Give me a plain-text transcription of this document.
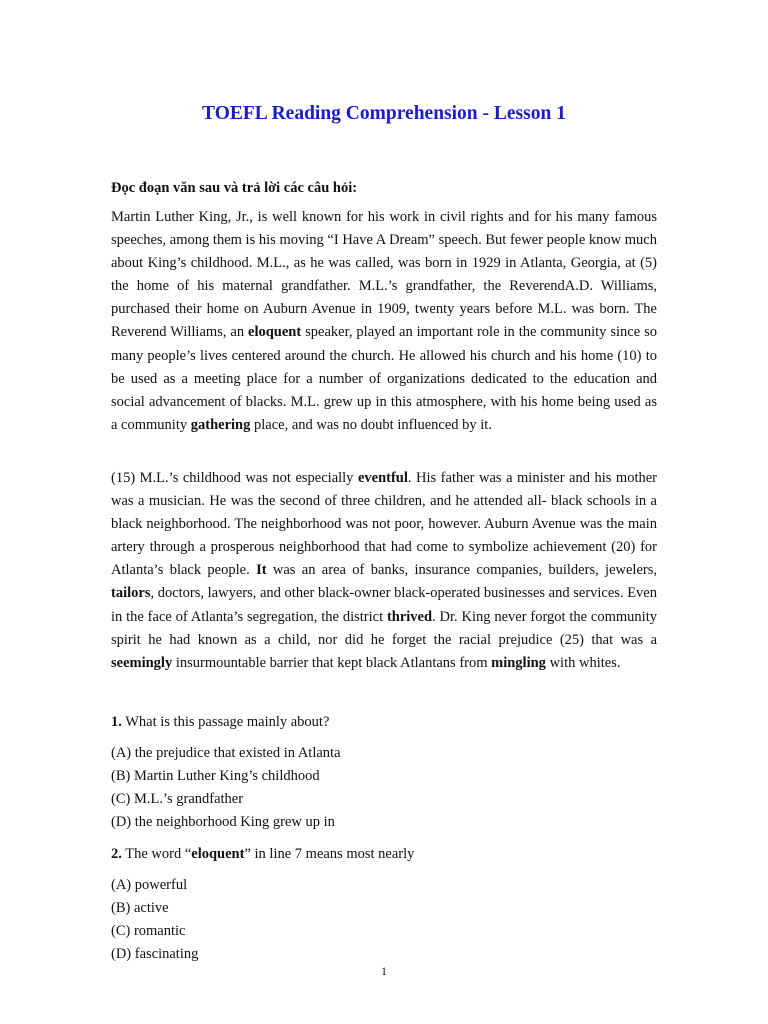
TOEFL Reading Comprehension - Lesson 1

Đọc đoạn văn sau và trả lời các câu hỏi:

Martin Luther King, Jr., is well known for his work in civil rights and for his many famous speeches, among them is his moving “I Have A Dream” speech. But fewer people know much about King’s childhood. M.L., as he was called, was born in 1929 in Atlanta, Georgia, at (5) the home of his maternal grandfather. M.L.’s grandfather, the ReverendA.D. Williams, purchased their home on Auburn Avenue in 1909, twenty years before M.L. was born. The Reverend Williams, an eloquent speaker, played an important role in the community since so many people’s lives centered around the church. He allowed his church and his home (10) to be used as a meeting place for a number of organizations dedicated to the education and social advancement of blacks. M.L. grew up in this atmosphere, with his home being used as a community gathering place, and was no doubt influenced by it.

(15) M.L.’s childhood was not especially eventful. His father was a minister and his mother was a musician. He was the second of three children, and he attended all- black schools in a black neighborhood. The neighborhood was not poor, however. Auburn Avenue was the main artery through a prosperous neighborhood that had come to symbolize achievement (20) for Atlanta’s black people. It was an area of banks, insurance companies, builders, jewelers, tailors, doctors, lawyers, and other black-owner black-operated businesses and services. Even in the face of Atlanta’s segregation, the district thrived. Dr. King never forgot the community spirit he had known as a child, nor did he forget the racial prejudice (25) that was a seemingly insurmountable barrier that kept black Atlantans from mingling with whites.

1. What is this passage mainly about?

(A) the prejudice that existed in Atlanta

(B) Martin Luther King’s childhood

(C) M.L.’s grandfather

(D) the neighborhood King grew up in

2. The word “eloquent” in line 7 means most nearly

(A) powerful

(B) active

(C) romantic

(D) fascinating

1
